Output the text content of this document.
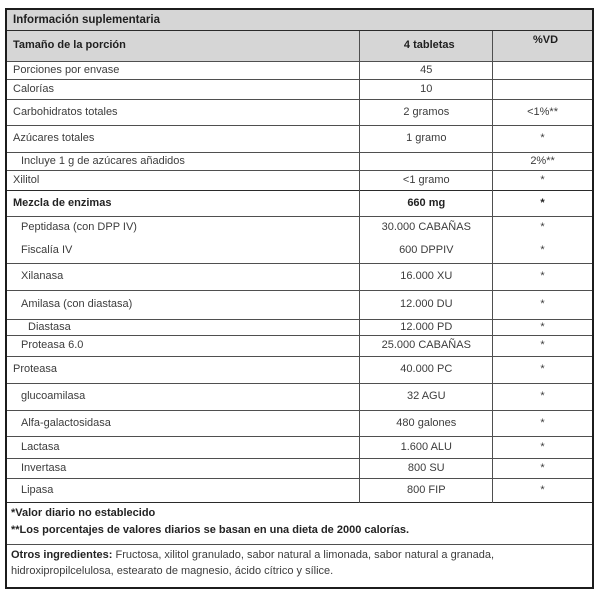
Información suplementaria		
Tamaño de la porción	4 tabletas	%VD
Porciones por envase	45	
Calorías	10	
Carbohidratos totales	2 gramos	<1%**
Azúcares totales	1 gramo	*
Incluye 1 g de azúcares añadidos		2%**
Xilitol	<1 gramo	*
Mezcla de enzimas	660 mg	*
Peptidasa (con DPP IV)	30.000 CABAÑAS	*
Fiscalía IV	600 DPPIV	*
Xilanasa	16.000 XU	*
Amilasa (con diastasa)	12.000 DU	*
Diastasa	12.000 PD	*
Proteasa 6.0	25.000 CABAÑAS	*
Proteasa	40.000 PC	*
glucoamilasa	32 AGU	*
Alfa-galactosidasa	480 galones	*
Lactasa	1.600 ALU	*
Invertasa	800 SU	*
Lipasa	800 FIP	*

*Valor diario no establecido
**Los porcentajes de valores diarios se basan en una dieta de 2000 calorías.		

Otros ingredientes: Fructosa, xilitol granulado, sabor natural a limonada, sabor natural a granada, hidroxipropilcelulosa, estearato de magnesio, ácido cítrico y sílice.		
